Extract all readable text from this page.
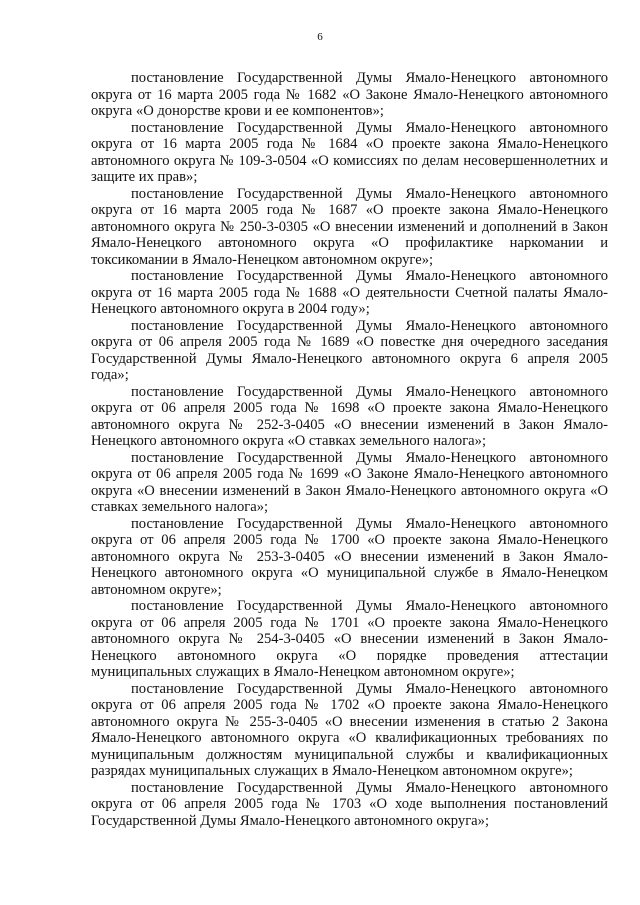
6

постановление Государственной Думы Ямало-Ненецкого автономного округа от 16 марта 2005 года № 1682 «О Законе Ямало-Ненецкого автономного округа «О донорстве крови и ее компонентов»;

постановление Государственной Думы Ямало-Ненецкого автономного округа от 16 марта 2005 года № 1684 «О проекте закона Ямало-Ненецкого автономного округа № 109-3-0504 «О комиссиях по делам несовершеннолетних и защите их прав»;

постановление Государственной Думы Ямало-Ненецкого автономного округа от 16 марта 2005 года № 1687 «О проекте закона Ямало-Ненецкого автономного округа № 250-3-0305 «О внесении изменений и дополнений в Закон Ямало-Ненецкого автономного округа «О профилактике наркомании и токсикомании в Ямало-Ненецком автономном округе»;

постановление Государственной Думы Ямало-Ненецкого автономного округа от 16 марта 2005 года № 1688 «О деятельности Счетной палаты Ямало-Ненецкого автономного округа в 2004 году»;

постановление Государственной Думы Ямало-Ненецкого автономного округа от 06 апреля 2005 года № 1689 «О повестке дня очередного заседания Государственной Думы Ямало-Ненецкого автономного округа 6 апреля 2005 года»;

постановление Государственной Думы Ямало-Ненецкого автономного округа от 06 апреля 2005 года № 1698 «О проекте закона Ямало-Ненецкого автономного округа № 252-3-0405 «О внесении изменений в Закон Ямало-Ненецкого автономного округа «О ставках земельного налога»;

постановление Государственной Думы Ямало-Ненецкого автономного округа от 06 апреля 2005 года № 1699 «О Законе Ямало-Ненецкого автономного округа «О внесении изменений в Закон Ямало-Ненецкого автономного округа «О ставках земельного налога»;

постановление Государственной Думы Ямало-Ненецкого автономного округа от 06 апреля 2005 года № 1700 «О проекте закона Ямало-Ненецкого автономного округа № 253-3-0405 «О внесении изменений в Закон Ямало-Ненецкого автономного округа «О муниципальной службе в Ямало-Ненецком автономном округе»;

постановление Государственной Думы Ямало-Ненецкого автономного округа от 06 апреля 2005 года № 1701 «О проекте закона Ямало-Ненецкого автономного округа № 254-3-0405 «О внесении изменений в Закон Ямало-Ненецкого автономного округа «О порядке проведения аттестации муниципальных служащих в Ямало-Ненецком автономном округе»;

постановление Государственной Думы Ямало-Ненецкого автономного округа от 06 апреля 2005 года № 1702 «О проекте закона Ямало-Ненецкого автономного округа № 255-3-0405 «О внесении изменения в статью 2 Закона Ямало-Ненецкого автономного округа «О квалификационных требованиях по муниципальным должностям муниципальной службы и квалификационных разрядах муниципальных служащих в Ямало-Ненецком автономном округе»;

постановление Государственной Думы Ямало-Ненецкого автономного округа от 06 апреля 2005 года № 1703 «О ходе выполнения постановлений Государственной Думы Ямало-Ненецкого автономного округа»;
